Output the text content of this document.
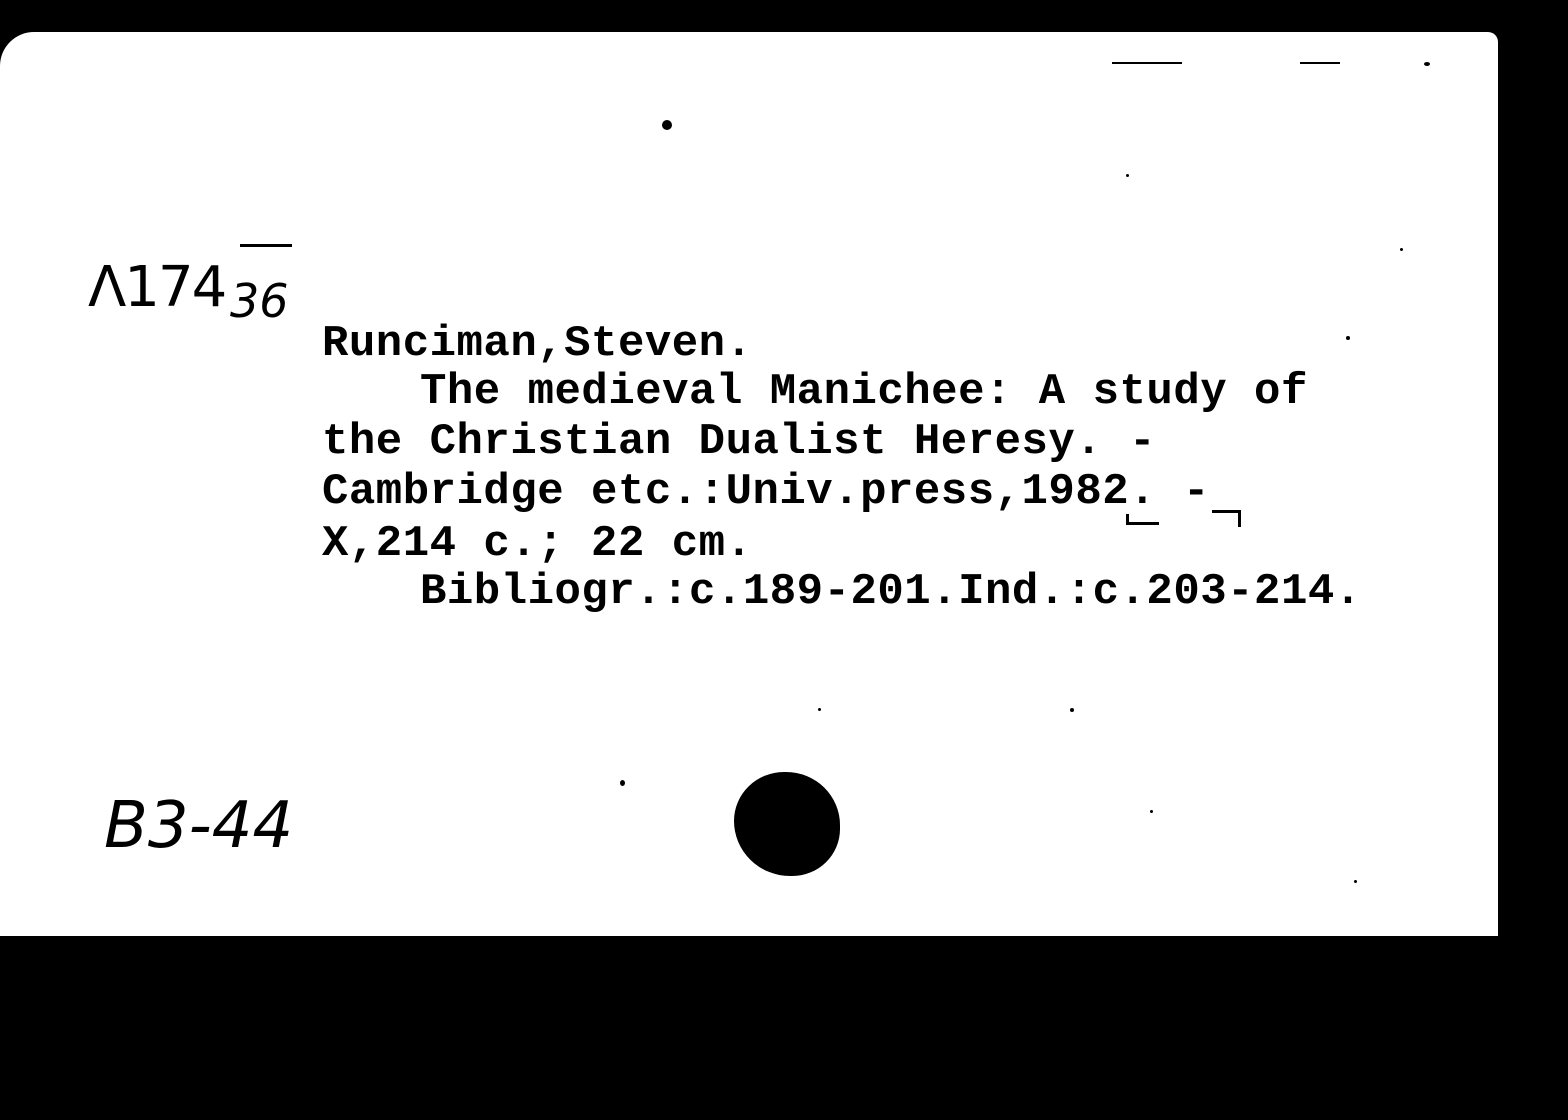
Λ174 36
Runciman,Steven.
The medieval Manichee: A study of
the Christian Dualist Heresy. -
Cambridge etc.:Univ.press,1982. -
X,214 c.; 22 cm.
Bibliogr.:c.189-201.Ind.:c.203-214.
B3-44
